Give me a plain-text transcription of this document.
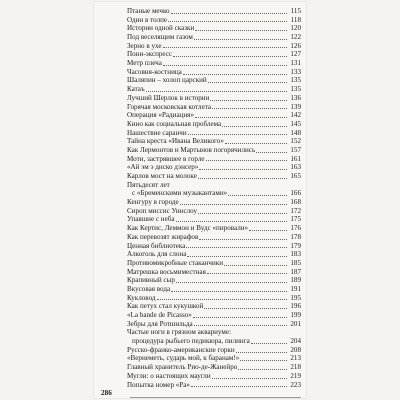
Птаные мечко	115
Один в толпе	118
Истории одной сказки	120
Под веселящим газом	122
Зерно в ухе	126
Пони-экспресс	127
Метр плеча	131
Часовня-костница	133
Шаляпин – холоп царский	135
Катаъ	135
Лучший Шерлок в истории	136
Горячая московская котлета	139
Операция «Радиация»	142
Кино как социальная проблема	145
Нашествие саранчи	148
Тайна креста «Ивана Великого»	152
Как Лермонтов и Мартынов погорячились	157
Моти, застрявшее в горле	161
«Ай эм э диско дэнсер»	163
Карлов мост на молоке	165
Пятьдесят лет
с «Бременскими музыкантами»	166
Кенгуру в городе	168
Сироп миссис Уинслоу	172
Упавшие с неба	175
Как Кертис, Леммон и Вудс «пировали»	176
Как перевозят жирафов	178
Ценная библиотека	179
Алкоголь для слона	183
Противомикробные стаканчики	185
Матрешка восьмиместная	187
Крапивный сыр	189
Вкусовая вода	191
Кукловод	195
Как петух стал кукушкой	196
«La bande de Picasso»	199
Зебры для Ротшильда	201
Частые ноги в грязном аквариуме:
процедура рыбьего педикюра, пилинга	204
Русско-франко-американские горки	208
«Вернеметь, сударь мой, к баранам!»	213
Главный хранитель Рио-де-Жанейро	218
Мугли: о настоящих маугли	219
Попытка номер «Ра»	223
286
